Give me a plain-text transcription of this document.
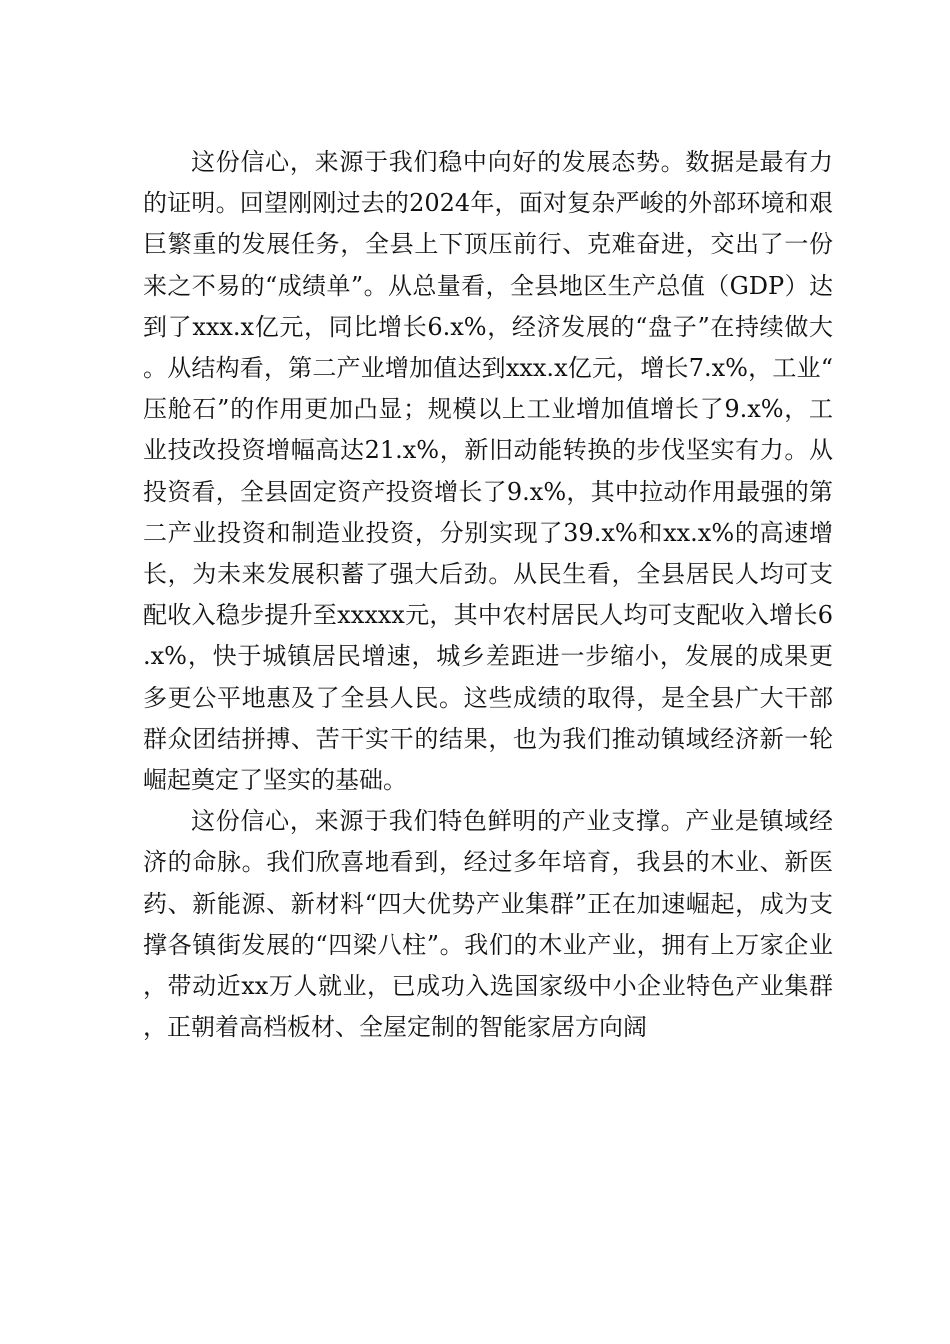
这份信心，来源于我们稳中向好的发展态势。数据是最有力的证明。回望刚刚过去的2024年，面对复杂严峻的外部环境和艰巨繁重的发展任务，全县上下顶压前行、克难奋进，交出了一份来之不易的“成绩单”。从总量看，全县地区生产总值（GDP）达到了xxx.x亿元，同比增长6.x%，经济发展的“盘子”在持续做大。从结构看，第二产业增加值达到xxx.x亿元，增长7.x%，工业“压舱石”的作用更加凸显；规模以上工业增加值增长了9.x%，工业技改投资增幅高达21.x%，新旧动能转换的步伐坚实有力。从投资看，全县固定资产投资增长了9.x%，其中拉动作用最强的第二产业投资和制造业投资，分别实现了39.x%和xx.x%的高速增长，为未来发展积蓄了强大后劲。从民生看，全县居民人均可支配收入稳步提升至xxxxx元，其中农村居民人均可支配收入增长6.x%，快于城镇居民增速，城乡差距进一步缩小，发展的成果更多更公平地惠及了全县人民。这些成绩的取得，是全县广大干部群众团结拼搏、苦干实干的结果，也为我们推动镇域经济新一轮崛起奠定了坚实的基础。

这份信心，来源于我们特色鲜明的产业支撑。产业是镇域经济的命脉。我们欣喜地看到，经过多年培育，我县的木业、新医药、新能源、新材料“四大优势产业集群”正在加速崛起，成为支撑各镇街发展的“四梁八柱”。我们的木业产业，拥有上万家企业，带动近xx万人就业，已成功入选国家级中小企业特色产业集群，正朝着高档板材、全屋定制的智能家居方向阔
